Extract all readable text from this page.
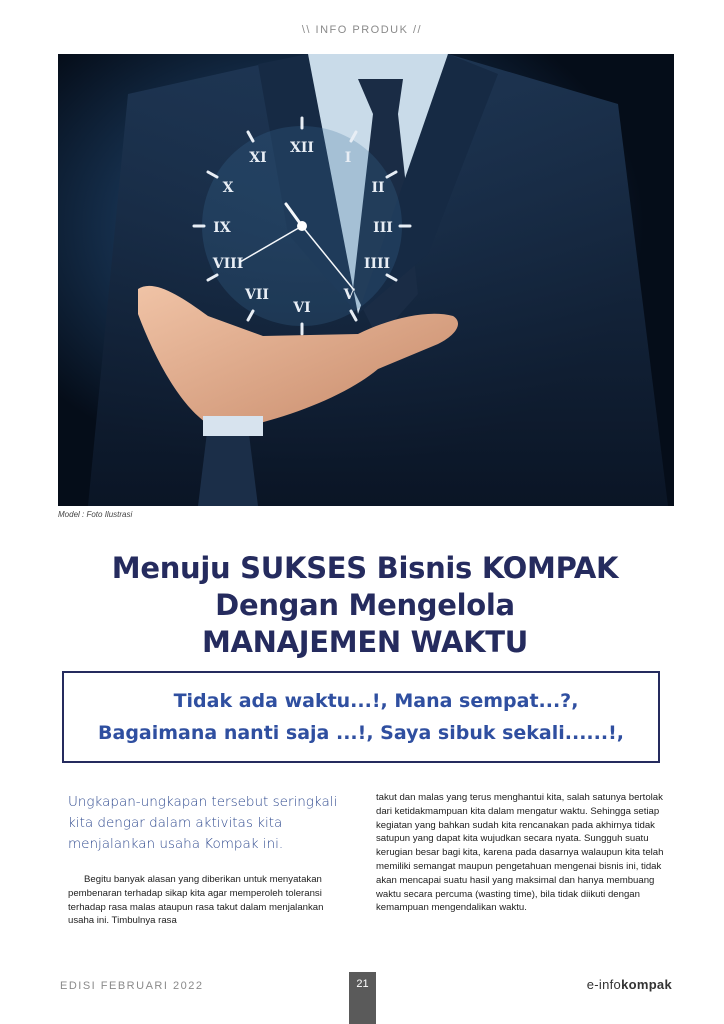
\\ INFO PRODUK //
XII
I
II
III
IIII
V
VI
VII
VIII
IX
X
XI
Model : Foto Ilustrasi
Menuju SUKSES Bisnis KOMPAK
Dengan Mengelola
MANAJEMEN WAKTU
Tidak ada waktu...!, Mana sempat...?,
Bagaimana nanti saja ...!, Saya sibuk sekali......!,

Ungkapan-ungkapan tersebut seringkali kita dengar dalam aktivitas kita menjalankan usaha Kompak ini.

Begitu banyak alasan yang diberikan untuk menyatakan pembenaran terhadap sikap kita agar memperoleh toleransi terhadap rasa malas ataupun rasa takut dalam menjalankan usaha ini. Timbulnya rasa

takut dan malas yang terus menghantui kita, salah satunya bertolak dari ketidakmampuan kita dalam mengatur waktu. Sehingga setiap kegiatan yang bahkan sudah kita rencanakan pada akhirnya tidak satupun yang dapat kita wujudkan secara nyata. Sungguh suatu kerugian besar bagi kita, karena pada dasarnya walaupun kita telah memiliki semangat maupun pengetahuan mengenai bisnis ini, tidak akan mencapai suatu hasil yang maksimal dan hanya membuang waktu secara percuma (wasting time), bila tidak diikuti dengan kemampuan mengendalikan waktu.

EDISI FEBRUARI 2022	21	e-infokompak
